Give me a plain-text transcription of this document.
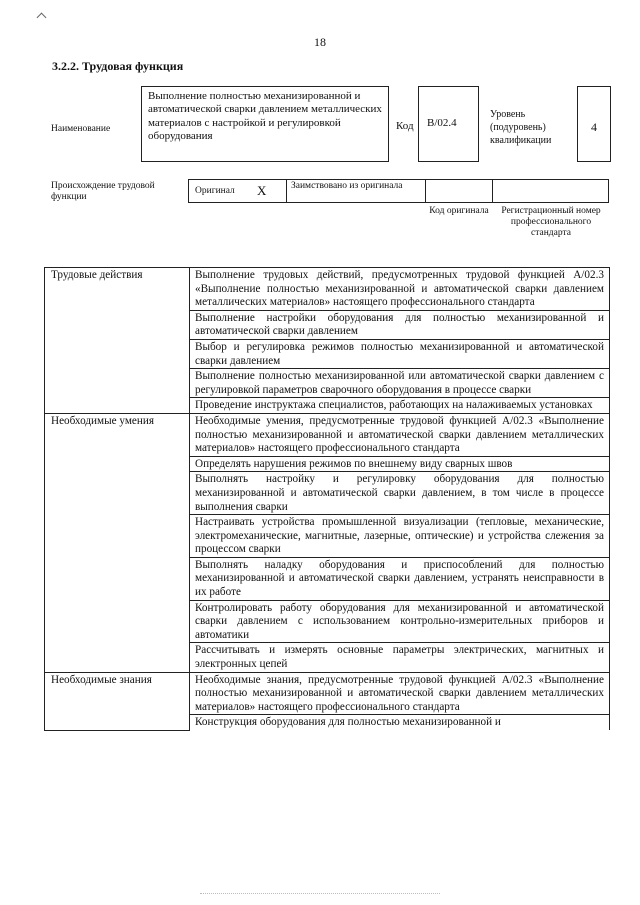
18
3.2.2. Трудовая функция
Наименование
Выполнение полностью механизированной и автоматической сварки давлением металлических материалов с настройкой и регулировкой оборудования
Код	B/02.4
Уровень (подуровень) квалификации
4
Происхождение трудовой функции
Оригинал X	Заимствовано из оригинала
Код оригинала	Регистрационный номер профессионального стандарта
Трудовые действия	Выполнение трудовых действий, предусмотренных трудовой функцией А/02.3 «Выполнение полностью механизированной и автоматической сварки давлением металлических материалов» настоящего профессионального стандарта
	Выполнение настройки оборудования для полностью механизированной и автоматической сварки давлением
	Выбор и регулировка режимов полностью механизированной и автоматической сварки давлением
	Выполнение полностью механизированной или автоматической сварки давлением с регулировкой параметров сварочного оборудования в процессе сварки
	Проведение инструктажа специалистов, работающих на налаживаемых установках
Необходимые умения	Необходимые умения, предусмотренные трудовой функцией А/02.3 «Выполнение полностью механизированной и автоматической сварки давлением металлических материалов» настоящего профессионального стандарта
	Определять нарушения режимов по внешнему виду сварных швов
	Выполнять настройку и регулировку оборудования для полностью механизированной и автоматической сварки давлением, в том числе в процессе выполнения сварки
	Настраивать устройства промышленной визуализации (тепловые, механические, электромеханические, магнитные, лазерные, оптические) и устройства слежения за процессом сварки
	Выполнять наладку оборудования и приспособлений для полностью механизированной и автоматической сварки давлением, устранять неисправности в их работе
	Контролировать работу оборудования для механизированной и автоматической сварки давлением с использованием контрольно-измерительных приборов и автоматики
	Рассчитывать и измерять основные параметры электрических, магнитных и электронных цепей
Необходимые знания	Необходимые знания, предусмотренные трудовой функцией А/02.3 «Выполнение полностью механизированной и автоматической сварки давлением металлических материалов» настоящего профессионального стандарта
	Конструкция оборудования для полностью механизированной и
